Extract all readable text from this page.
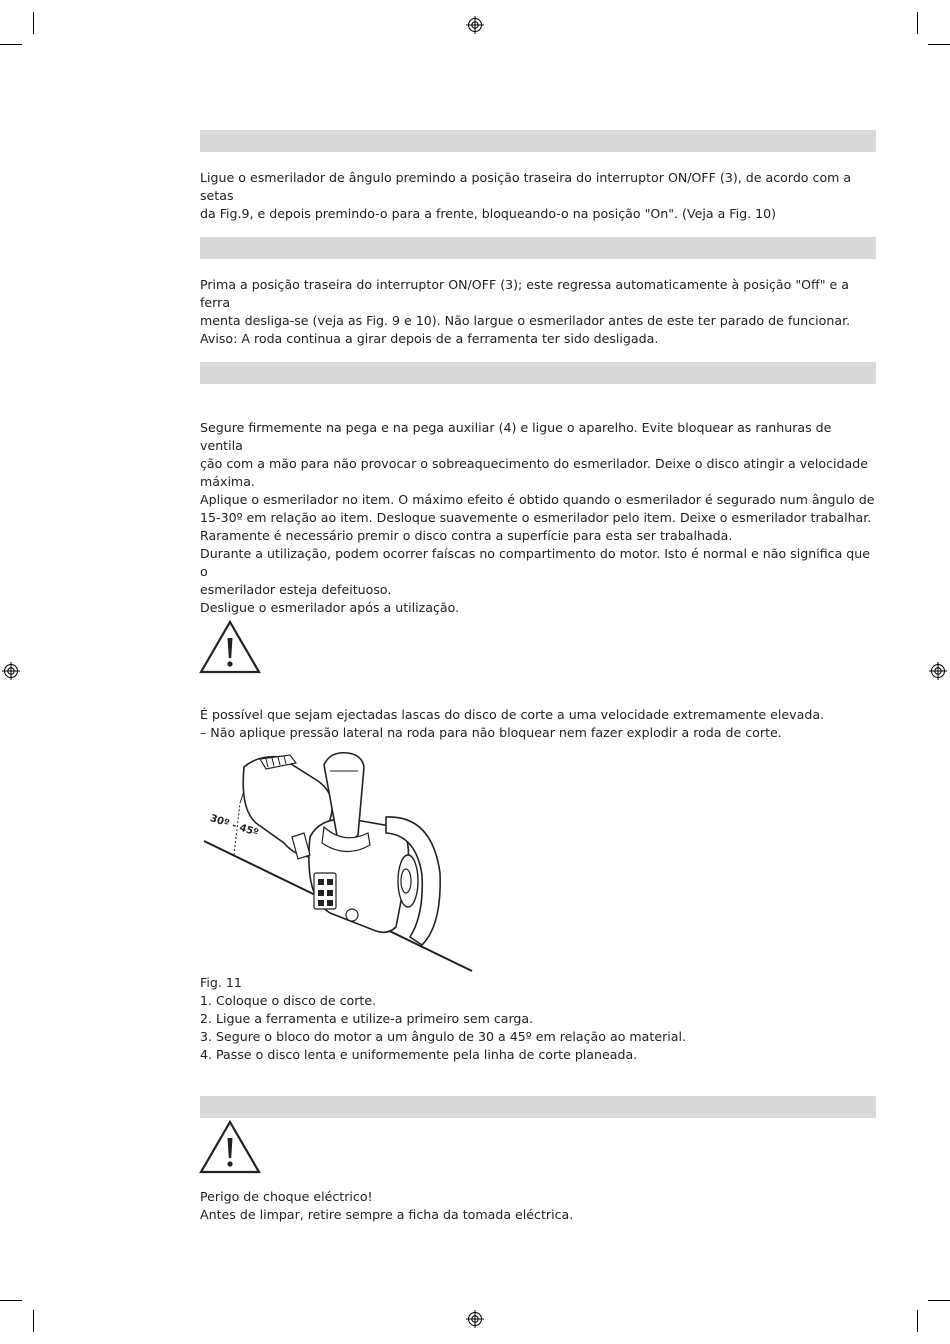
Ligue o esmerilador de ângulo premindo a posição traseira do interruptor ON/OFF (3), de acordo com a setas
da Fig.9, e depois premindo-o para a frente, bloqueando-o na posição "On". (Veja a Fig. 10)
Prima a posição traseira do interruptor ON/OFF (3); este regressa automaticamente à posição "Off" e a ferra
menta desliga-se (veja as Fig. 9 e 10). Não largue o esmerilador antes de este ter parado de funcionar.
Aviso: A roda continua a girar depois de a ferramenta ter sido desligada.
Segure firmemente na pega e na pega auxiliar (4) e ligue o aparelho. Evite bloquear as ranhuras de ventila
ção com a mão para não provocar o sobreaquecimento do esmerilador. Deixe o disco atingir a velocidade
máxima.
Aplique o esmerilador no item. O máximo efeito é obtido quando o esmerilador é segurado num ângulo de
15-30º em relação ao item. Desloque suavemente o esmerilador pelo item. Deixe o esmerilador trabalhar.
Raramente é necessário premir o disco contra a superfície para esta ser trabalhada.
Durante a utilização, podem ocorrer faíscas no compartimento do motor. Isto é normal e não significa que o
esmerilador esteja defeituoso.
Desligue o esmerilador após a utilização.
É possível que sejam ejectadas lascas do disco de corte a uma velocidade extremamente elevada.
– Não aplique pressão lateral na roda para não bloquear nem fazer explodir a roda de corte.
30º - 45º
Fig. 11
1. Coloque o disco de corte.
2. Ligue a ferramenta e utilize-a primeiro sem carga.
3. Segure o bloco do motor a um ângulo de 30 a 45º em relação ao material.
4. Passe o disco lenta e uniformemente pela linha de corte planeada.
Perigo de choque eléctrico!
Antes de limpar, retire sempre a ficha da tomada eléctrica.
